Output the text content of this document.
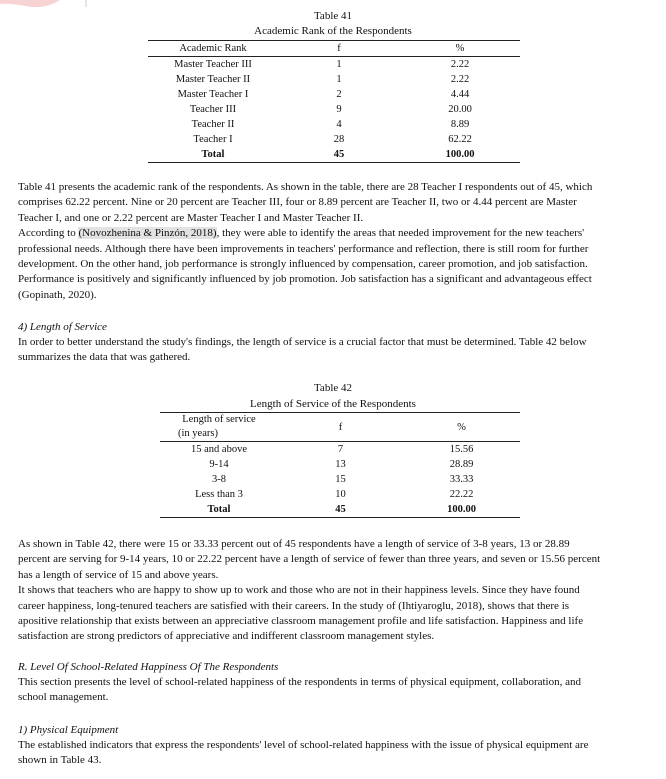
Table 41
Academic Rank of the Respondents
Academic Rank	f	%
Master Teacher III	1	2.22
Master Teacher II	1	2.22
Master Teacher I	2	4.44
Teacher III	9	20.00
Teacher II	4	8.89
Teacher I	28	62.22
Total	45	100.00
Table 41 presents the academic rank of the respondents. As shown in the table, there are 28 Teacher I respondents out of 45, which
comprises 62.22 percent. Nine or 20 percent are Teacher III, four or 8.89 percent are Teacher II, two or 4.44 percent are Master
Teacher I, and one or 2.22 percent are Master Teacher I and Master Teacher II.
According to (Novozhenina & Pinzón, 2018), they were able to identify the areas that needed improvement for the new teachers'
professional needs. Although there have been improvements in teachers' performance and reflection, there is still room for further
development. On the other hand, job performance is strongly influenced by compensation, career promotion, and job satisfaction.
Performance is positively and significantly influenced by job promotion. Job satisfaction has a significant and advantageous effect
(Gopinath, 2020).
4) Length of Service
In order to better understand the study's findings, the length of service is a crucial factor that must be determined. Table 42 below
summarizes the data that was gathered.
Table 42
Length of Service of the Respondents
Length of service
(in years)	f	%
15 and above	7	15.56
9-14	13	28.89
3-8	15	33.33
Less than 3	10	22.22
Total	45	100.00
As shown in Table 42, there were 15 or 33.33 percent out of 45 respondents have a length of service of 3-8 years, 13 or 28.89
percent are serving for 9-14 years, 10 or 22.22 percent have a length of service of fewer than three years, and seven or 15.56 percent
has a length of service of 15 and above years.
It shows that teachers who are happy to show up to work and those who are not in their happiness levels. Since they have found
career happiness, long-tenured teachers are satisfied with their careers. In the study of (Ihtiyaroglu, 2018), shows that there is
apositive relationship that exists between an appreciative classroom management profile and life satisfaction. Happiness and life
satisfaction are strong predictors of appreciative and indifferent classroom management styles.
R. Level Of School-Related Happiness Of The Respondents
This section presents the level of school-related happiness of the respondents in terms of physical equipment, collaboration, and
school management.
1) Physical Equipment
The established indicators that express the respondents' level of school-related happiness with the issue of physical equipment are
shown in Table 43.
